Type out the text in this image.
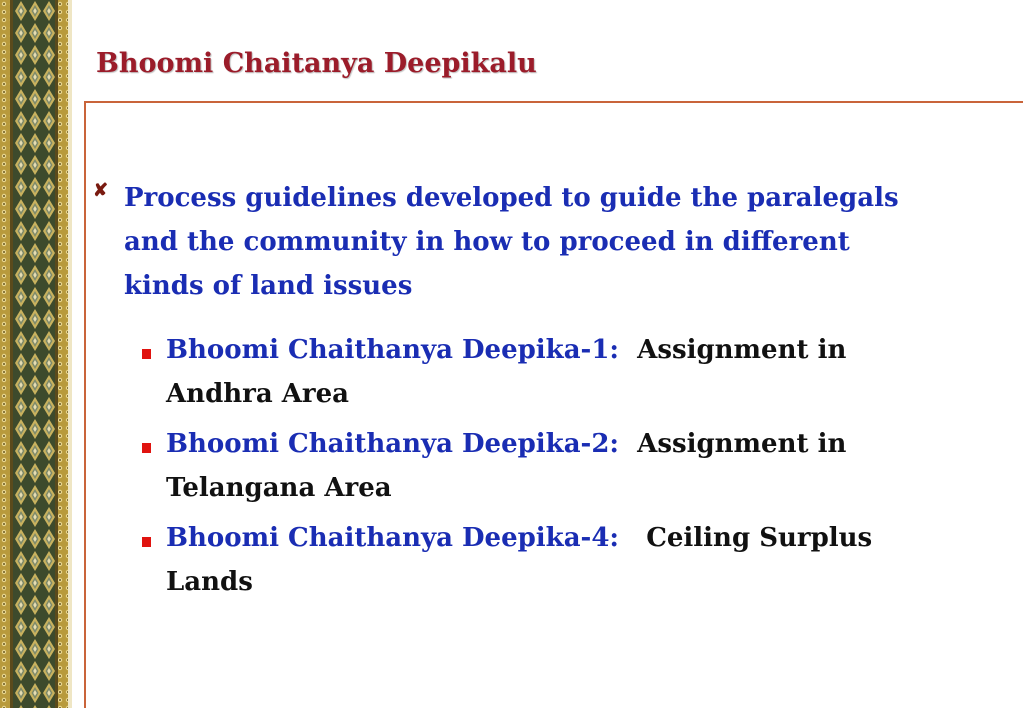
Bhoomi Chaitanya Deepikalu
✘ Process guidelines developed to guide the paralegals and the community in how to proceed in different kinds of land issues
Bhoomi Chaithanya Deepika-1: Assignment in Andhra Area
Bhoomi Chaithanya Deepika-2: Assignment in Telangana Area
Bhoomi Chaithanya Deepika-4: Ceiling Surplus Lands
